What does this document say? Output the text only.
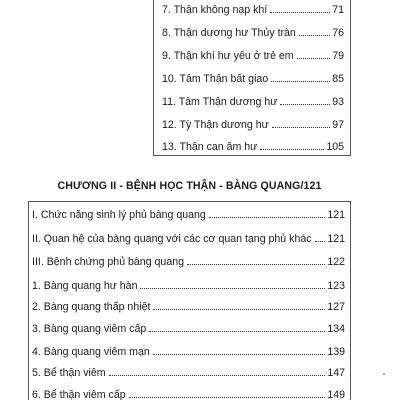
7. Thận không nạp khí	71
8. Thận dương hư Thủy tràn	76
9. Thận khí hư yếu ở trẻ em	79
10. Tâm Thận bất giao	85
11. Tâm Thận dương hư	93
12. Tỳ Thận dương hư	97
13. Thận can âm hư	105
CHƯƠNG II - BỆNH HỌC THẬN - BÀNG QUANG/121
I. Chức năng sinh lý phủ bàng quang	121
II. Quan hệ của bàng quang với các cơ quan tạng phủ khác 121
III. Bệnh chứng phủ bàng quang	122
1. Bàng quang hư hàn	123
2. Bàng quang thấp nhiệt	127
3. Bàng quang viêm cấp	134
4. Bàng quang viêm mạn	139
5. Bể thận viêm	147
6. Bể thận viêm cấp	149
